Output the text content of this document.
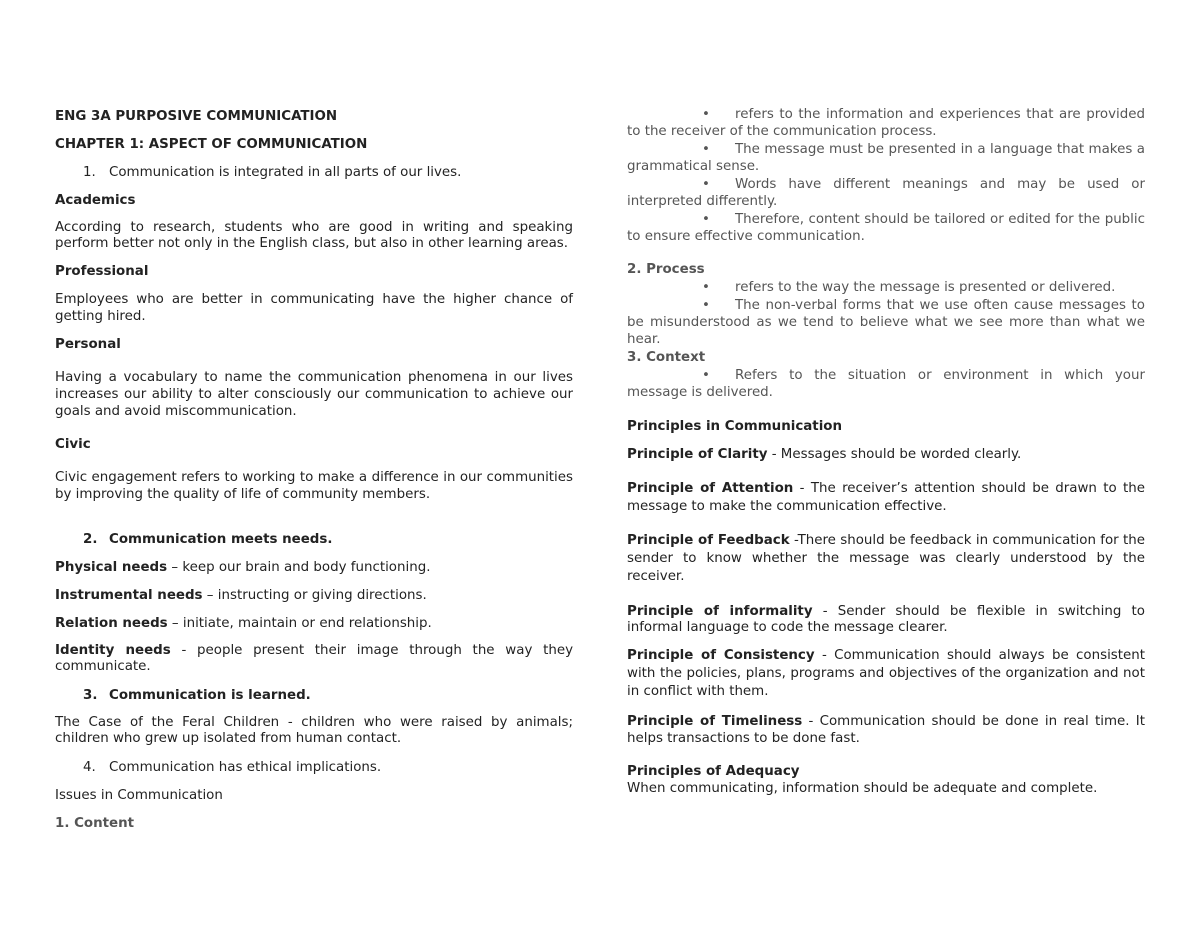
ENG 3A PURPOSIVE COMMUNICATION

CHAPTER 1: ASPECT OF COMMUNICATION

1. Communication is integrated in all parts of our lives.

Academics

According to research, students who are good in writing and speaking perform better not only in the English class, but also in other learning areas.

Professional

Employees who are better in communicating have the higher chance of getting hired.

Personal

Having a vocabulary to name the communication phenomena in our lives increases our ability to alter consciously our communication to achieve our goals and avoid miscommunication.

Civic

Civic engagement refers to working to make a difference in our communities by improving the quality of life of community members.

2. Communication meets needs.

Physical needs – keep our brain and body functioning.

Instrumental needs – instructing or giving directions.

Relation needs – initiate, maintain or end relationship.

Identity needs - people present their image through the way they communicate.

3. Communication is learned.

The Case of the Feral Children - children who were raised by animals; children who grew up isolated from human contact.

4. Communication has ethical implications.

Issues in Communication

1. Content

•	refers to the information and experiences that are provided to the receiver of the communication process.

•	The message must be presented in a language that makes a grammatical sense.

•	Words have different meanings and may be used or interpreted differently.

•	Therefore, content should be tailored or edited for the public to ensure effective communication.

2. Process

•	refers to the way the message is presented or delivered.

•	The non-verbal forms that we use often cause messages to be misunderstood as we tend to believe what we see more than what we hear.

3. Context

•	Refers to the situation or environment in which your message is delivered.

Principles in Communication

Principle of Clarity - Messages should be worded clearly.

Principle of Attention - The receiver’s attention should be drawn to the message to make the communication effective.

Principle of Feedback -There should be feedback in communication for the sender to know whether the message was clearly understood by the receiver.

Principle of informality - Sender should be flexible in switching to informal language to code the message clearer.

Principle of Consistency - Communication should always be consistent with the policies, plans, programs and objectives of the organization and not in conflict with them.

Principle of Timeliness - Communication should be done in real time. It helps transactions to be done fast.

Principles of Adequacy

When communicating, information should be adequate and complete.
